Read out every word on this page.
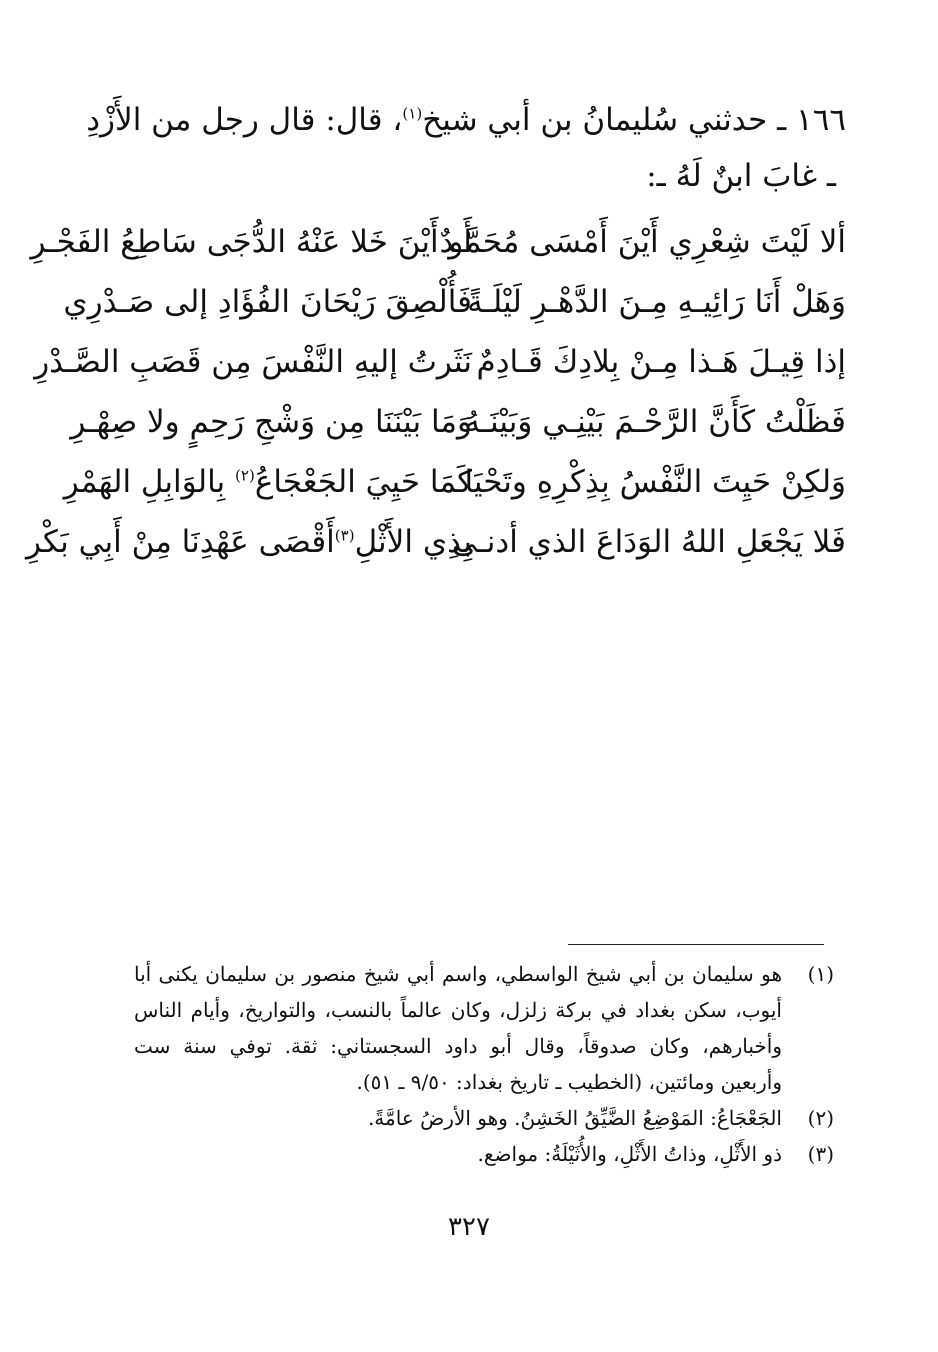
١٦٦ ـ حدثني سُليمانُ بن أبي شيخ$^{(١)}$، قال: قال رجل من الأَزْدِ
ـ غابَ ابنٌ لَهُ ـ:
ألا لَيْتَ شِعْرِي أَيْنَ أَمْسَى مُحَمَّـدٌ
أَو أَيْنَ خَلا عَنْهُ الدُّجَى سَاطِعُ الفَجْـرِ
وَهَلْ أَنَا رَائِيـهِ مِـنَ الدَّهْـرِ لَيْلَـةً
فَأُلْصِقَ رَيْحَانَ الفُؤَادِ إلى صَـدْرِي
إذا قِيـلَ هَـذا مِـنْ بِلادِكَ قَـادِمٌ
نَثَرتُ إليهِ النَّفْسَ مِن قَصَبِ الصَّـدْرِ
فَظَلْتُ كَأَنَّ الرَّحْـمَ بَيْنِـي وَبَيْنَـهُ
وَمَا بَيْنَنَا مِن وَشْجِ رَحِمٍ ولا صِهْـرِ
وَلكِنْ حَيِتَ النَّفْسُ بِذِكْرِهِ وتَحْيَا
كَمَا حَيِيَ الجَعْجَاعُ$^{(٢)}$ بِالوَابِلِ الهَمْرِ
فَلا يَجْعَلِ اللهُ الوَدَاعَ الذي أدنـى
بِذِي الأَثْلِ$^{(٣)}$أَقْصَى عَهْدِنَا مِنْ أَبِي بَكْرِ
(١)
هو سليمان بن أبي شيخ الواسطي، واسم أبي شيخ منصور بن سليمان يكنى أبا أيوب، سكن بغداد في بركة زلزل، وكان عالماً بالنسب، والتواريخ، وأيام الناس وأخبارهم، وكان صدوقاً، وقال أبو داود السجستاني: ثقة. توفي سنة ست وأربعين ومائتين، (الخطيب ـ تاريخ بغداد: ٩/٥٠ ـ ٥١).
(٢)
الجَعْجَاعُ: المَوْضِعُ الضَّيِّقُ الخَشِنُ. وهو الأرضُ عامَّةً.
(٣)
ذو الأَثْلِ، وذاتُ الأَثْلِ، والأُثَيْلَةُ: مواضع.
٣٢٧
